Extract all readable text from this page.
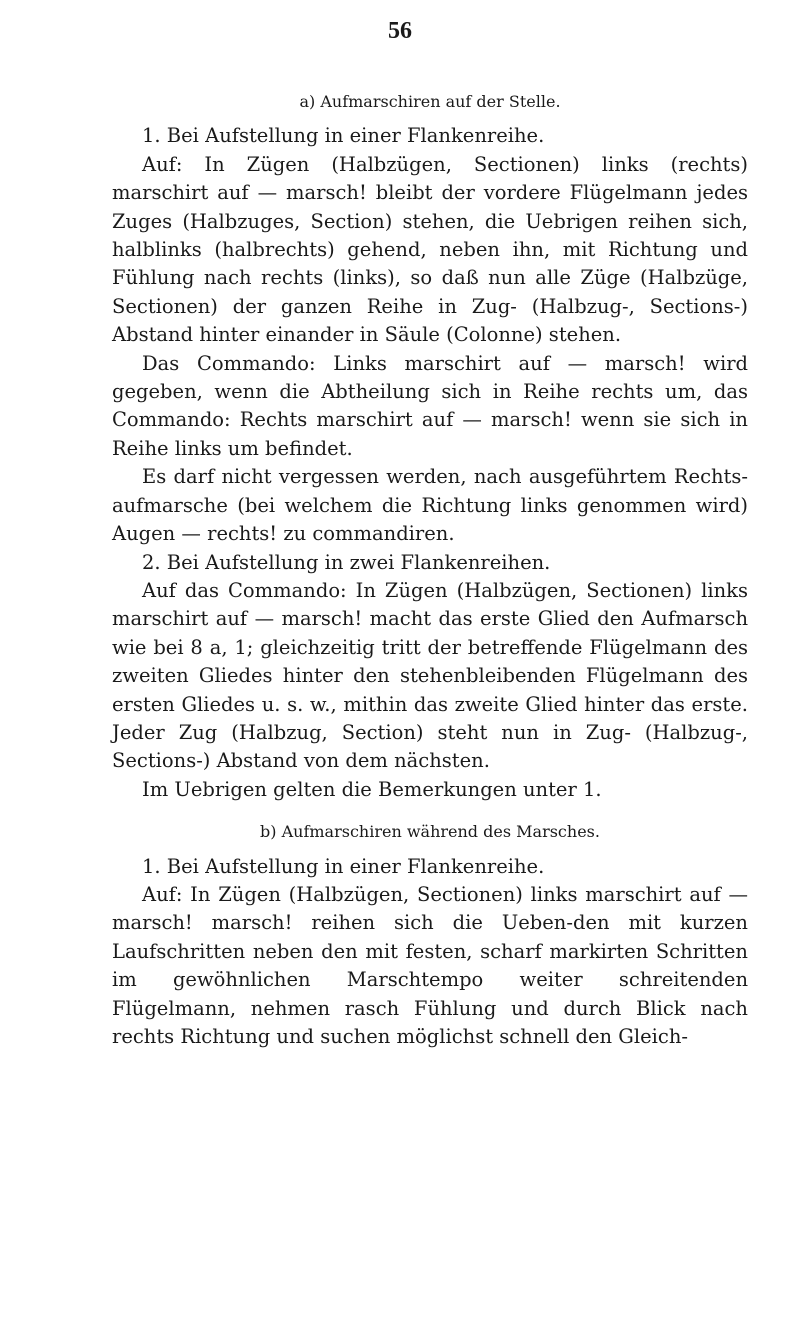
56
a) Aufmarschiren auf der Stelle.

1. Bei Aufstellung in einer Flankenreihe.

Auf: In Zügen (Halbzügen, Sectionen) links (rechts) marschirt auf — marsch! bleibt der vordere Flügelmann jedes Zuges (Halbzuges, Section) stehen, die Uebrigen reihen sich, halblinks (halbrechts) gehend, neben ihn, mit Richtung und Fühlung nach rechts (links), so daß nun alle Züge (Halbzüge, Sectionen) der ganzen Reihe in Zug- (Halbzug-, Sections-) Abstand hinter einander in Säule (Colonne) stehen.

Das Commando: Links marschirt auf — marsch! wird gegeben, wenn die Abtheilung sich in Reihe rechts um, das Commando: Rechts marschirt auf — marsch! wenn sie sich in Reihe links um befindet.

Es darf nicht vergessen werden, nach ausgeführtem Rechts-aufmarsche (bei welchem die Richtung links genommen wird) Augen — rechts! zu commandiren.

2. Bei Aufstellung in zwei Flankenreihen.

Auf das Commando: In Zügen (Halbzügen, Sectionen) links marschirt auf — marsch! macht das erste Glied den Aufmarsch wie bei 8 a, 1; gleichzeitig tritt der betreffende Flügelmann des zweiten Gliedes hinter den stehenbleibenden Flügelmann des ersten Gliedes u. s. w., mithin das zweite Glied hinter das erste. Jeder Zug (Halbzug, Section) steht nun in Zug- (Halbzug-, Sections-) Abstand von dem nächsten.

Im Uebrigen gelten die Bemerkungen unter 1.

b) Aufmarschiren während des Marsches.

1. Bei Aufstellung in einer Flankenreihe.

Auf: In Zügen (Halbzügen, Sectionen) links marschirt auf — marsch! marsch! reihen sich die Ueben-den mit kurzen Laufschritten neben den mit festen, scharf markirten Schritten im gewöhnlichen Marschtempo weiter schreitenden Flügelmann, nehmen rasch Fühlung und durch Blick nach rechts Richtung und suchen möglichst schnell den Gleich-
